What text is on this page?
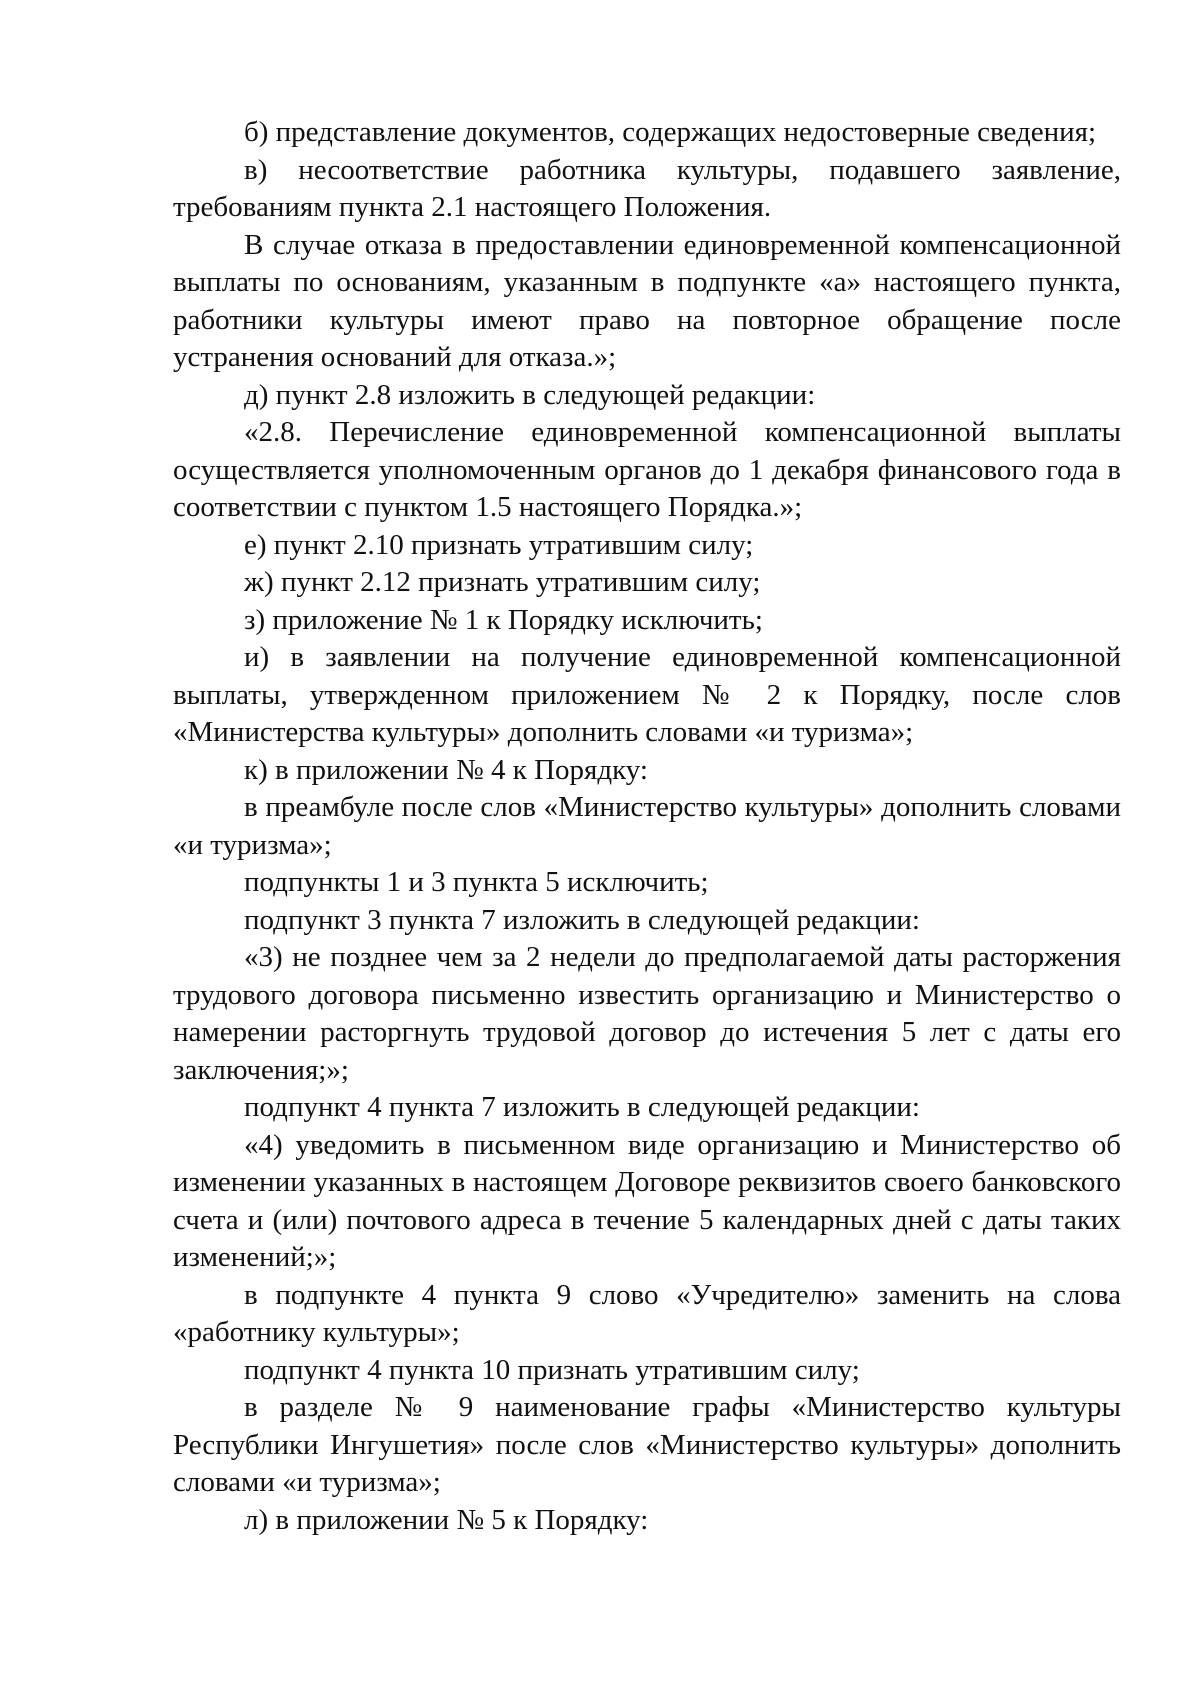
б) представление документов, содержащих недостоверные сведения;

в) несоответствие работника культуры, подавшего заявление, требованиям пункта 2.1 настоящего Положения.

В случае отказа в предоставлении единовременной компенсационной выплаты по основаниям, указанным в подпункте «а» настоящего пункта, работники культуры имеют право на повторное обращение после устранения оснований для отказа.»;

д) пункт 2.8 изложить в следующей редакции:

«2.8. Перечисление единовременной компенсационной выплаты осуществляется уполномоченным органов до 1 декабря финансового года в соответствии с пунктом 1.5 настоящего Порядка.»;

е) пункт 2.10 признать утратившим силу;

ж) пункт 2.12 признать утратившим силу;

з) приложение № 1 к Порядку исключить;

и) в заявлении на получение единовременной компенсационной выплаты, утвержденном приложением № 2 к Порядку, после слов «Министерства культуры» дополнить словами «и туризма»;

к) в приложении № 4 к Порядку:

в преамбуле после слов «Министерство культуры» дополнить словами «и туризма»;

подпункты 1 и 3 пункта 5 исключить;

подпункт 3 пункта 7 изложить в следующей редакции:

«3) не позднее чем за 2 недели до предполагаемой даты расторжения трудового договора письменно известить организацию и Министерство о намерении расторгнуть трудовой договор до истечения 5 лет с даты его заключения;»;

подпункт 4 пункта 7 изложить в следующей редакции:

«4) уведомить в письменном виде организацию и Министерство об изменении указанных в настоящем Договоре реквизитов своего банковского счета и (или) почтового адреса в течение 5 календарных дней с даты таких изменений;»;

в подпункте 4 пункта 9 слово «Учредителю» заменить на слова «работнику культуры»;

подпункт 4 пункта 10 признать утратившим силу;

в разделе № 9 наименование графы «Министерство культуры Республики Ингушетия» после слов «Министерство культуры» дополнить словами «и туризма»;

л) в приложении № 5 к Порядку:
